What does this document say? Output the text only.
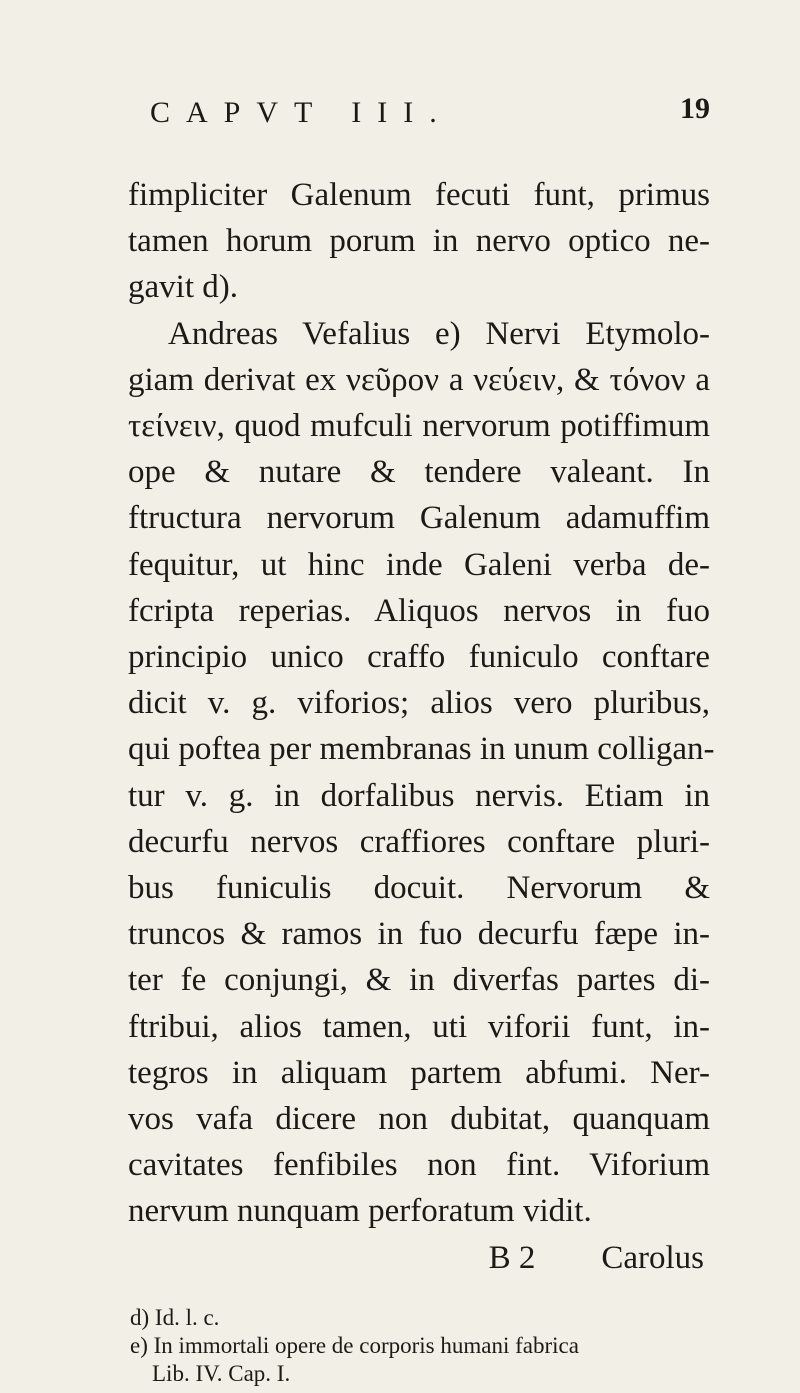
CAPVT III.	19
fimpliciter Galenum fecuti funt, primus
tamen horum porum in nervo optico ne-
gavit d).
Andreas Vefalius e) Nervi Etymolo-
giam derivat ex νεῦρον a νεύειν, & τόνον a
τείνειν, quod mufculi nervorum potiffimum
ope & nutare & tendere valeant. In
ftructura nervorum Galenum adamuffim
fequitur, ut hinc inde Galeni verba de-
fcripta reperias. Aliquos nervos in fuo
principio unico craffo funiculo conftare
dicit v. g. viforios; alios vero pluribus,
qui poftea per membranas in unum colligan-
tur v. g. in dorfalibus nervis. Etiam in
decurfu nervos craffiores conftare pluri-
bus funiculis docuit. Nervorum &
truncos & ramos in fuo decurfu fæpe in-
ter fe conjungi, & in diverfas partes di-
ftribui, alios tamen, uti viforii funt, in-
tegros in aliquam partem abfumi. Ner-
vos vafa dicere non dubitat, quanquam
cavitates fenfibiles non fint. Viforium
nervum nunquam perforatum vidit.
B 2        Carolus
d) Id. l. c.
e) In immortali opere de corporis humani fabrica
Lib. IV. Cap. I.
